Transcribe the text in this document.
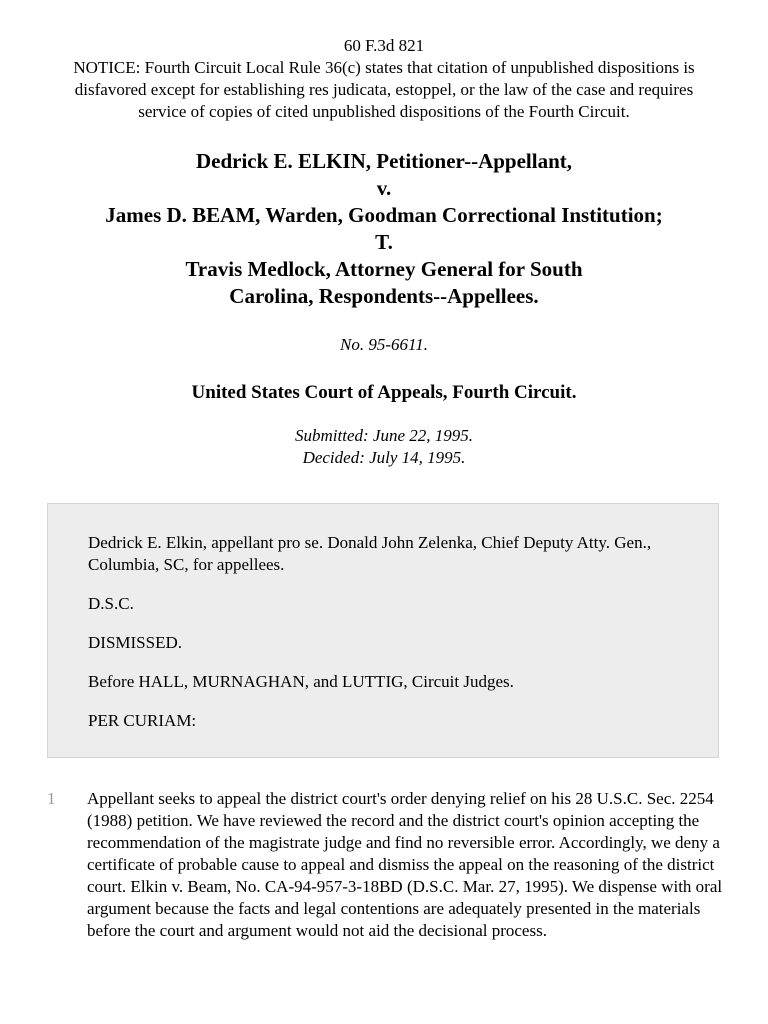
60 F.3d 821
NOTICE: Fourth Circuit Local Rule 36(c) states that citation of unpublished dispositions is disfavored except for establishing res judicata, estoppel, or the law of the case and requires service of copies of cited unpublished dispositions of the Fourth Circuit.
Dedrick E. ELKIN, Petitioner--Appellant,
v.
James D. BEAM, Warden, Goodman Correctional Institution;
T.
Travis Medlock, Attorney General for South
Carolina, Respondents--Appellees.
No. 95-6611.
United States Court of Appeals, Fourth Circuit.
Submitted: June 22, 1995.
Decided: July 14, 1995.

Dedrick E. Elkin, appellant pro se. Donald John Zelenka, Chief Deputy Atty. Gen., Columbia, SC, for appellees.

D.S.C.

DISMISSED.

Before HALL, MURNAGHAN, and LUTTIG, Circuit Judges.

PER CURIAM:

1 Appellant seeks to appeal the district court's order denying relief on his 28 U.S.C. Sec. 2254 (1988) petition. We have reviewed the record and the district court's opinion accepting the recommendation of the magistrate judge and find no reversible error. Accordingly, we deny a certificate of probable cause to appeal and dismiss the appeal on the reasoning of the district court. Elkin v. Beam, No. CA-94-957-3-18BD (D.S.C. Mar. 27, 1995). We dispense with oral argument because the facts and legal contentions are adequately presented in the materials before the court and argument would not aid the decisional process.
